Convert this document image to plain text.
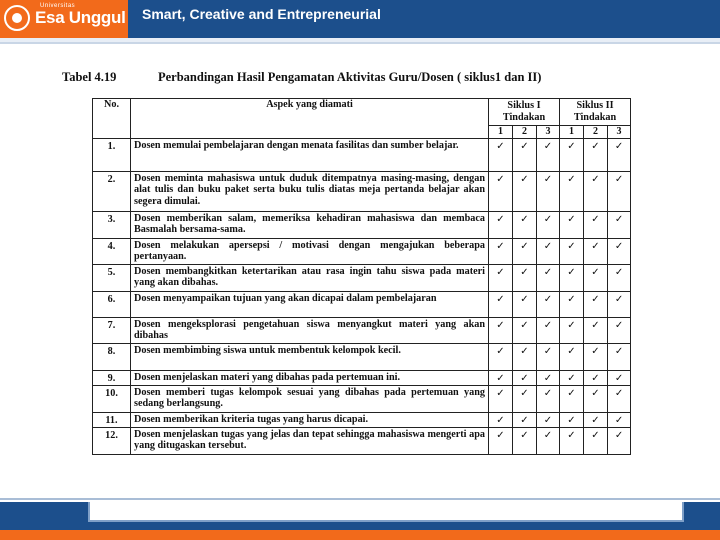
Universitas
Esa Unggul Smart, Creative and Entrepreneurial
Tabel 4.19	Perbandingan Hasil Pengamatan Aktivitas Guru/Dosen ( siklus1 dan II)
No.	Aspek yang diamati	Siklus I Tindakan			Siklus II Tindakan		
		1	2	3	1	2	3
1.	Dosen memulai pembelajaran dengan menata fasilitas dan sumber belajar.	✓	✓	✓	✓	✓	✓
2.	Dosen meminta mahasiswa untuk duduk ditempatnya masing-masing, dengan alat tulis dan buku paket serta buku tulis diatas meja pertanda belajar akan segera dimulai.	✓	✓	✓	✓	✓	✓
3.	Dosen memberikan salam, memeriksa kehadiran mahasiswa dan membaca Basmalah bersama-sama.	✓	✓	✓	✓	✓	✓
4.	Dosen melakukan apersepsi / motivasi dengan mengajukan beberapa pertanyaan.	✓	✓	✓	✓	✓	✓
5.	Dosen membangkitkan ketertarikan atau rasa ingin tahu siswa pada materi yang akan dibahas.	✓	✓	✓	✓	✓	✓
6.	Dosen menyampaikan tujuan yang akan dicapai dalam pembelajaran	✓	✓	✓	✓	✓	✓
7.	Dosen mengeksplorasi pengetahuan siswa menyangkut materi yang akan dibahas	✓	✓	✓	✓	✓	✓
8.	Dosen membimbing siswa untuk membentuk kelompok kecil.	✓	✓	✓	✓	✓	✓
9.	Dosen menjelaskan materi yang dibahas pada pertemuan ini.	✓	✓	✓	✓	✓	✓
10.	Dosen memberi tugas kelompok sesuai yang dibahas pada pertemuan yang sedang berlangsung.	✓	✓	✓	✓	✓	✓
11.	Dosen memberikan kriteria tugas yang harus dicapai.	✓	✓	✓	✓	✓	✓
12.	Dosen menjelaskan tugas yang jelas dan tepat sehingga mahasiswa mengerti apa yang ditugaskan tersebut.	✓	✓	✓	✓	✓	✓
